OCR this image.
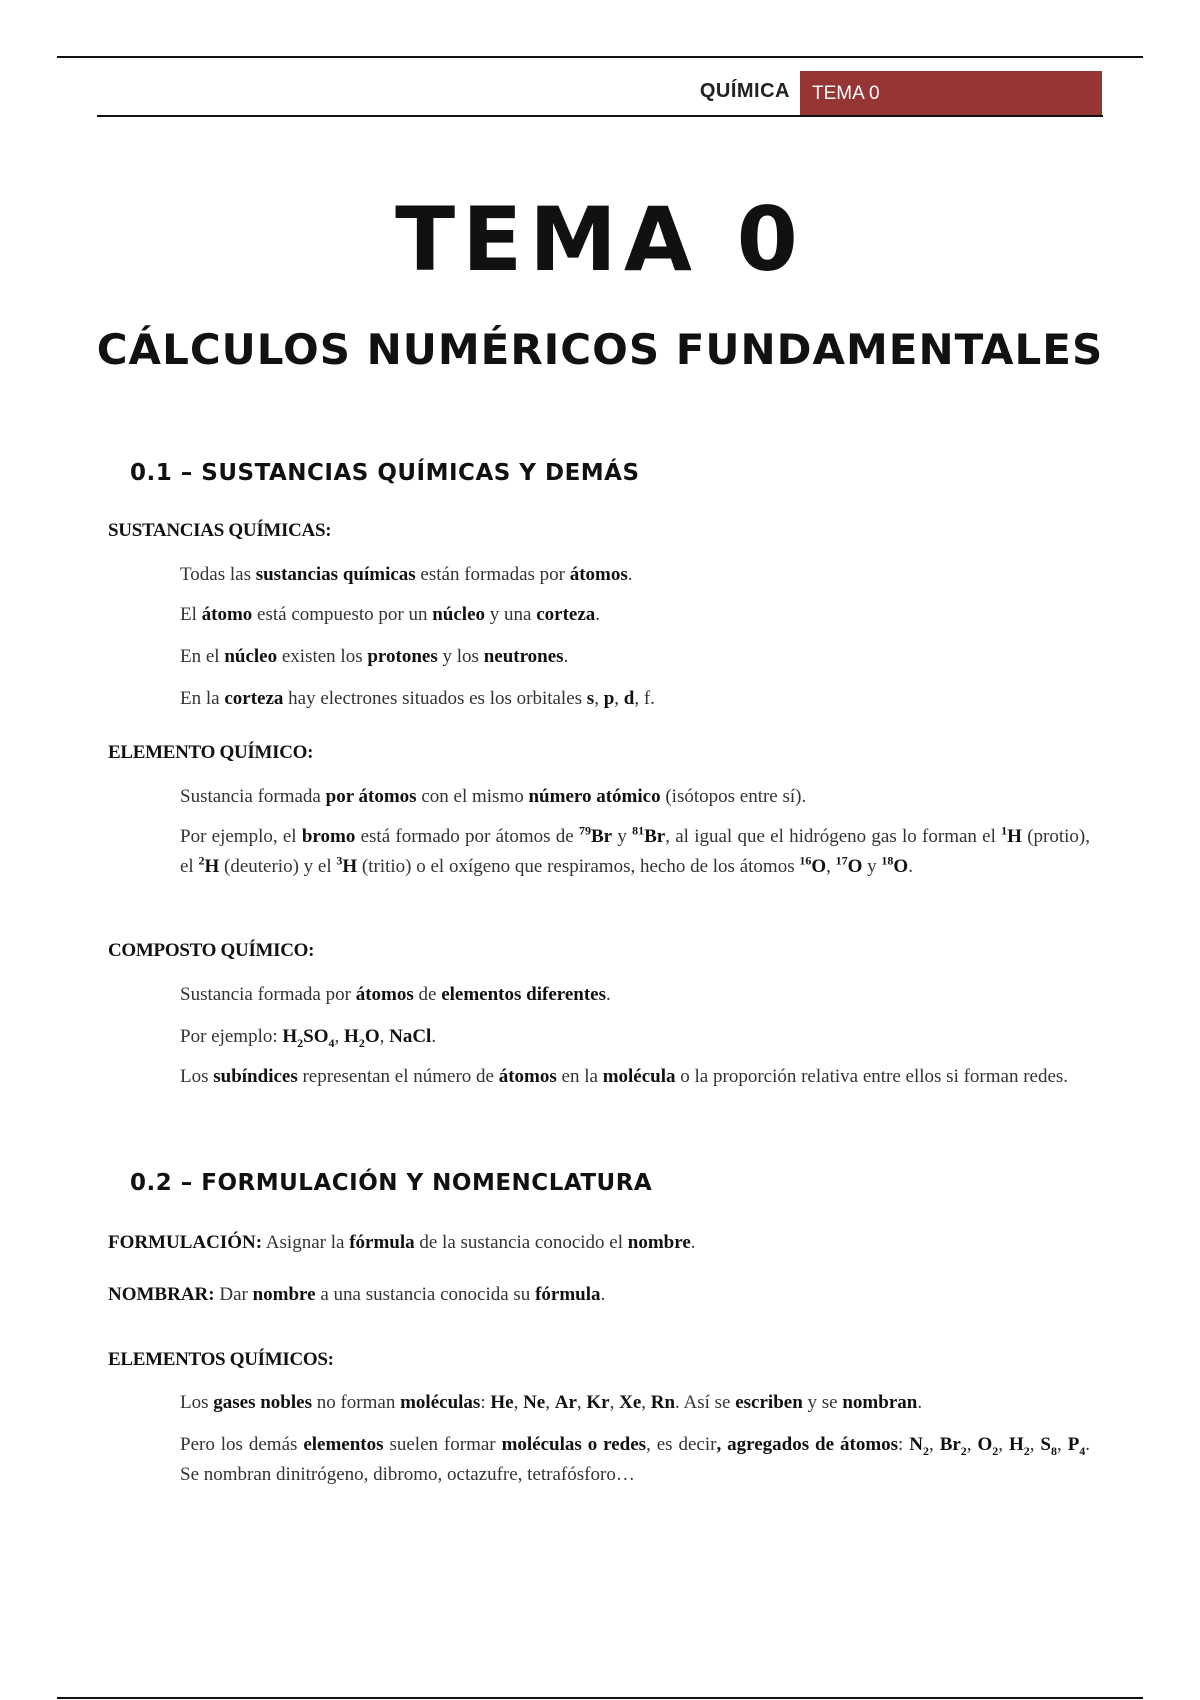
QUÍMICA	TEMA 0
TEMA 0
CÁLCULOS NUMÉRICOS FUNDAMENTALES
0.1 – SUSTANCIAS QUÍMICAS Y DEMÁS
SUSTANCIAS QUÍMICAS:

Todas las sustancias químicas están formadas por átomos.

El átomo está compuesto por un núcleo y una corteza.

En el núcleo existen los protones y los neutrones.

En la corteza hay electrones situados es los orbitales s, p, d, f.

ELEMENTO QUÍMICO:

Sustancia formada por átomos con el mismo número atómico (isótopos entre sí).

Por ejemplo, el bromo está formado por átomos de $^{79}$Br y $^{81}$Br, al igual que el hidrógeno gas lo forman el $^1$H (protio), el $^2$H (deuterio) y el $^3$H (tritio) o el oxígeno que respiramos, hecho de los átomos $^{16}$O, $^{17}$O y $^{18}$O.

COMPOSTO QUÍMICO:

Sustancia formada por átomos de elementos diferentes.

Por ejemplo: $H_2SO_4$, $H_2O$, NaCl.

Los subíndices representan el número de átomos en la molécula o la proporción relativa entre ellos si forman redes.

0.2 – FORMULACIÓN Y NOMENCLATURA

FORMULACIÓN: Asignar la fórmula de la sustancia conocido el nombre.

NOMBRAR: Dar nombre a una sustancia conocida su fórmula.

ELEMENTOS QUÍMICOS:

Los gases nobles no forman moléculas: He, Ne, Ar, Kr, Xe, Rn. Así se escriben y se nombran.

Pero los demás elementos suelen formar moléculas o redes, es decir, agregados de átomos: $N_2$, $Br_2$, $O_2$, $H_2$, $S_8$, $P_4$. Se nombran dinitrógeno, dibromo, octazufre, tetrafósforo…
